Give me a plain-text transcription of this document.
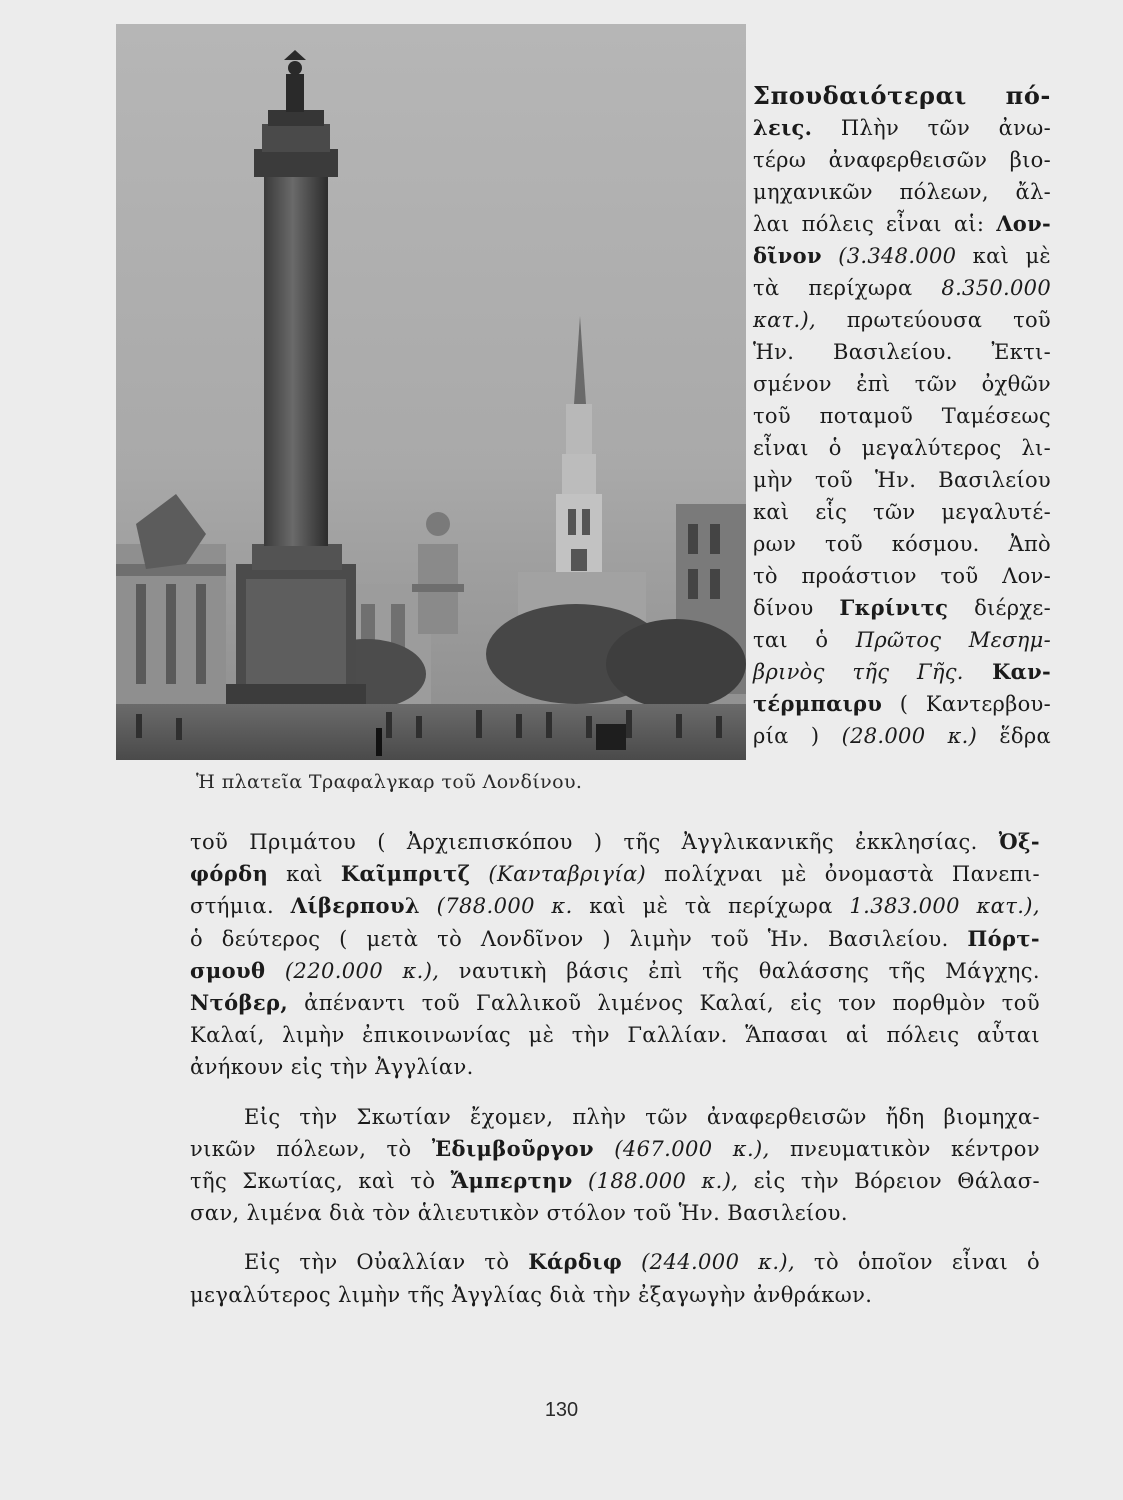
Ἡ πλατεῖα Τραφαλγκαρ τοῦ Λονδίνου.

Σπουδαιότεραι πό-
λεις. Πλὴν τῶν ἀνω-
τέρω ἀναφερθεισῶν βιο-
μηχανικῶν πόλεων, ἄλ-
λαι πόλεις εἶναι αἱ: Λον-
δῖνον (3.348.000 καὶ μὲ
τὰ περίχωρα 8.350.000
κατ.), πρωτεύουσα τοῦ
Ἡν. Βασιλείου. Ἐκτι-
σμένον ἐπὶ τῶν ὀχθῶν
τοῦ ποταμοῦ Ταμέσεως
εἶναι ὁ μεγαλύτερος λι-
μὴν τοῦ Ἡν. Βασιλείου
καὶ εἷς τῶν μεγαλυτέ-
ρων τοῦ κόσμου. Ἀπὸ
τὸ προάστιον τοῦ Λον-
δίνου Γκρίνιτς διέρχε-
ται ὁ Πρῶτος Μεσημ-
βρινὸς τῆς Γῆς. Καν-
τέρμπαιρυ ( Καντερβου-
ρία ) (28.000 κ.) ἕδρα

τοῦ Πριμάτου ( Ἀρχιεπισκόπου ) τῆς Ἀγγλικανικῆς ἐκκλησίας. Ὀξ-
φόρδη καὶ Καῖμπριτζ (Κανταβριγία) πολίχναι μὲ ὀνομαστὰ Πανεπι-
στήμια. Λίβερπουλ (788.000 κ. καὶ μὲ τὰ περίχωρα 1.383.000 κατ.),
ὁ δεύτερος ( μετὰ τὸ Λονδῖνον ) λιμὴν τοῦ Ἡν. Βασιλείου. Πόρτ-
σμουθ (220.000 κ.), ναυτικὴ βάσις ἐπὶ τῆς θαλάσσης τῆς Μάγχης.
Ντόβερ, ἀπέναντι τοῦ Γαλλικοῦ λιμένος Καλαί, εἰς τον πορθμὸν τοῦ
Καλαί, λιμὴν ἐπικοινωνίας μὲ τὴν Γαλλίαν. Ἅπασαι αἱ πόλεις αὗται
ἀνήκουν εἰς τὴν Ἀγγλίαν.

Εἰς τὴν Σκωτίαν ἔχομεν, πλὴν τῶν ἀναφερθεισῶν ἤδη βιομηχα-
νικῶν πόλεων, τὸ Ἐδιμβοῦργον (467.000 κ.), πνευματικὸν κέντρον
τῆς Σκωτίας, καὶ τὸ Ἄμπερτην (188.000 κ.), εἰς τὴν Βόρειον Θάλασ-
σαν, λιμένα διὰ τὸν ἁλιευτικὸν στόλον τοῦ Ἡν. Βασιλείου.

Εἰς τὴν Οὐαλλίαν τὸ Κάρδιφ (244.000 κ.), τὸ ὁποῖον εἶναι ὁ
μεγαλύτερος λιμὴν τῆς Ἀγγλίας διὰ τὴν ἐξαγωγὴν ἀνθράκων.

130
